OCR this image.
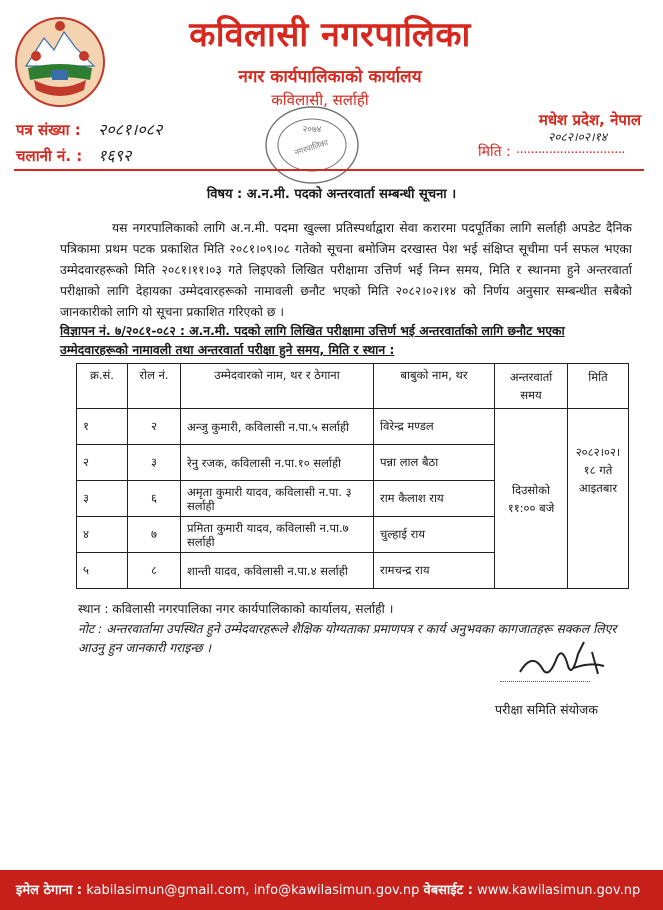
कविलासी नगरपालिका
नगर कार्यपालिकाको कार्यालय
कविलासी, सर्लाही
मधेश प्रदेश, नेपाल
पत्र संख्या : २०८१।०८२
चलानी नं. : १६९२	मिति : ..............................
२०८२।०२।१४
२०७४
नगरपालिका
विषय : अ.न.मी. पदको अन्तरवार्ता सम्बन्धी सूचना ।
यस नगरपालिकाको लागि अ.न.मी. पदमा खुल्ला प्रतिस्पर्धाद्वारा सेवा करारमा पदपूर्तिका लागि सर्लाही अपडेट दैनिक पत्रिकामा प्रथम पटक प्रकाशित मिति २०८१।०९।०८ गतेको सूचना बमोजिम दरखास्त पेश भई संक्षिप्त सूचीमा पर्न सफल भएका उम्मेदवारहरूको मिति २०८१।११।०३ गते लिइएको लिखित परीक्षामा उत्तिर्ण भई निम्न समय, मिति र स्थानमा हुने अन्तरवार्ता परीक्षाको लागि देहायका उम्मेदवारहरूको नामावली छनौट भएको मिति २०८२।०२।१४ को निर्णय अनुसार सम्बन्धीत सबैको जानकारीको लागि यो सूचना प्रकाशित गरिएको छ ।
विज्ञापन नं. ७/२०८१-०८२ : अ.न.मी. पदको लागि लिखित परीक्षामा उत्तिर्ण भई अन्तरवार्ताको लागि छनौट भएका उम्मेदवारहरूको नामावली तथा अन्तरवार्ता परीक्षा हुने समय, मिति र स्थान :
क्र.सं.	रोल नं.	उम्मेदवारको नाम, थर र ठेगाना	बाबुको नाम, थर	अन्तरवार्ता समय	मिति
१	२	अन्जु कुमारी, कविलासी न.पा.५ सर्लाही	विरेन्द्र मण्डल	दिउसोको ११:०० बजे	२०८२।०२।१८ गते आइतबार
२	३	रेनु रजक, कविलासी न.पा.१० सर्लाही	पन्ना लाल बैठा		
३	६	अमृता कुमारी यादव, कविलासी न.पा. ३ सर्लाही	राम कैलाश राय		
४	७	प्रमिता कुमारी यादव, कविलासी न.पा.७ सर्लाही	चुल्हाई राय		
५	८	शान्ती यादव, कविलासी न.पा.४ सर्लाही	रामचन्द्र राय		
स्थान : कविलासी नगरपालिका नगर कार्यपालिकाको कार्यालय, सर्लाही ।
नोट : अन्तरवार्तामा उपस्थित हुने उम्मेदवारहरूले शैक्षिक योग्यताका प्रमाणपत्र र कार्य अनुभवका कागजातहरू सक्कल लिएर आउनु हुन जानकारी गराइन्छ ।
परीक्षा समिति संयोजक
इमेल ठेगाना : kabilasimun@gmail.com, info@kawilasimun.gov.np वेबसाईट : www.kawilasimun.gov.np
